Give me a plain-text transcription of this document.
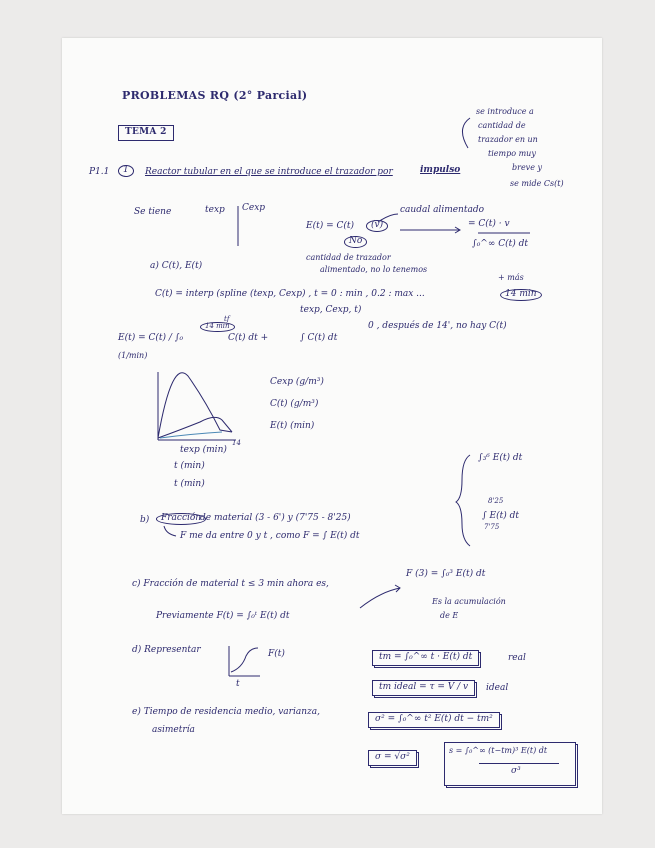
PROBLEMAS RQ (2° Parcial)
TEMA 2
se introduce a
cantidad de
trazador en un
tiempo muy
breve y
se mide Cs(t)
P1.1	1	Reactor tubular en el que se introduce el trazador por	impulso
Se tiene	texp Cexp
E(t) = C(t)	(v)
caudal alimentado
No
cantidad de trazador
alimentado, no lo tenemos
= C(t) · v
∫₀^∞ C(t) dt
a) C(t), E(t)
+ más
C(t) = interp (spline (texp, Cexp) , t = 0 : min , 0.2 : max ...	14 min
texp, Cexp, t)
E(t) = C(t) / ∫₀
14 min
tf
C(t) dt +	∫ C(t) dt
0 , después de 14', no hay C(t)
(1/min)
Cexp (g/m³)
C(t) (g/m³)
E(t) (min)
texp (min)
14
t (min)
t (min)
b)	Fracción
de material (3 - 6') y (7'75 - 8'25)
F me da entre 0 y t , como F = ∫ E(t) dt
∫₃⁶ E(t) dt
8'25
∫ E(t) dt
7'75
c) Fracción de material t ≤ 3 min ahora es,
F (3) = ∫₀³ E(t) dt
Previamente F(t) = ∫₀ᵗ E(t) dt
Es la acumulación
de E
d) Representar	F(t)
t
e) Tiempo de residencia medio, varianza,
asimetría
tm = ∫₀^∞ t · E(t) dt	real
tm ideal = τ = V / v	ideal
σ² = ∫₀^∞ t² E(t) dt − tm²
σ = √σ²
s = ∫₀^∞ (t−tm)³ E(t) dt
σ³
